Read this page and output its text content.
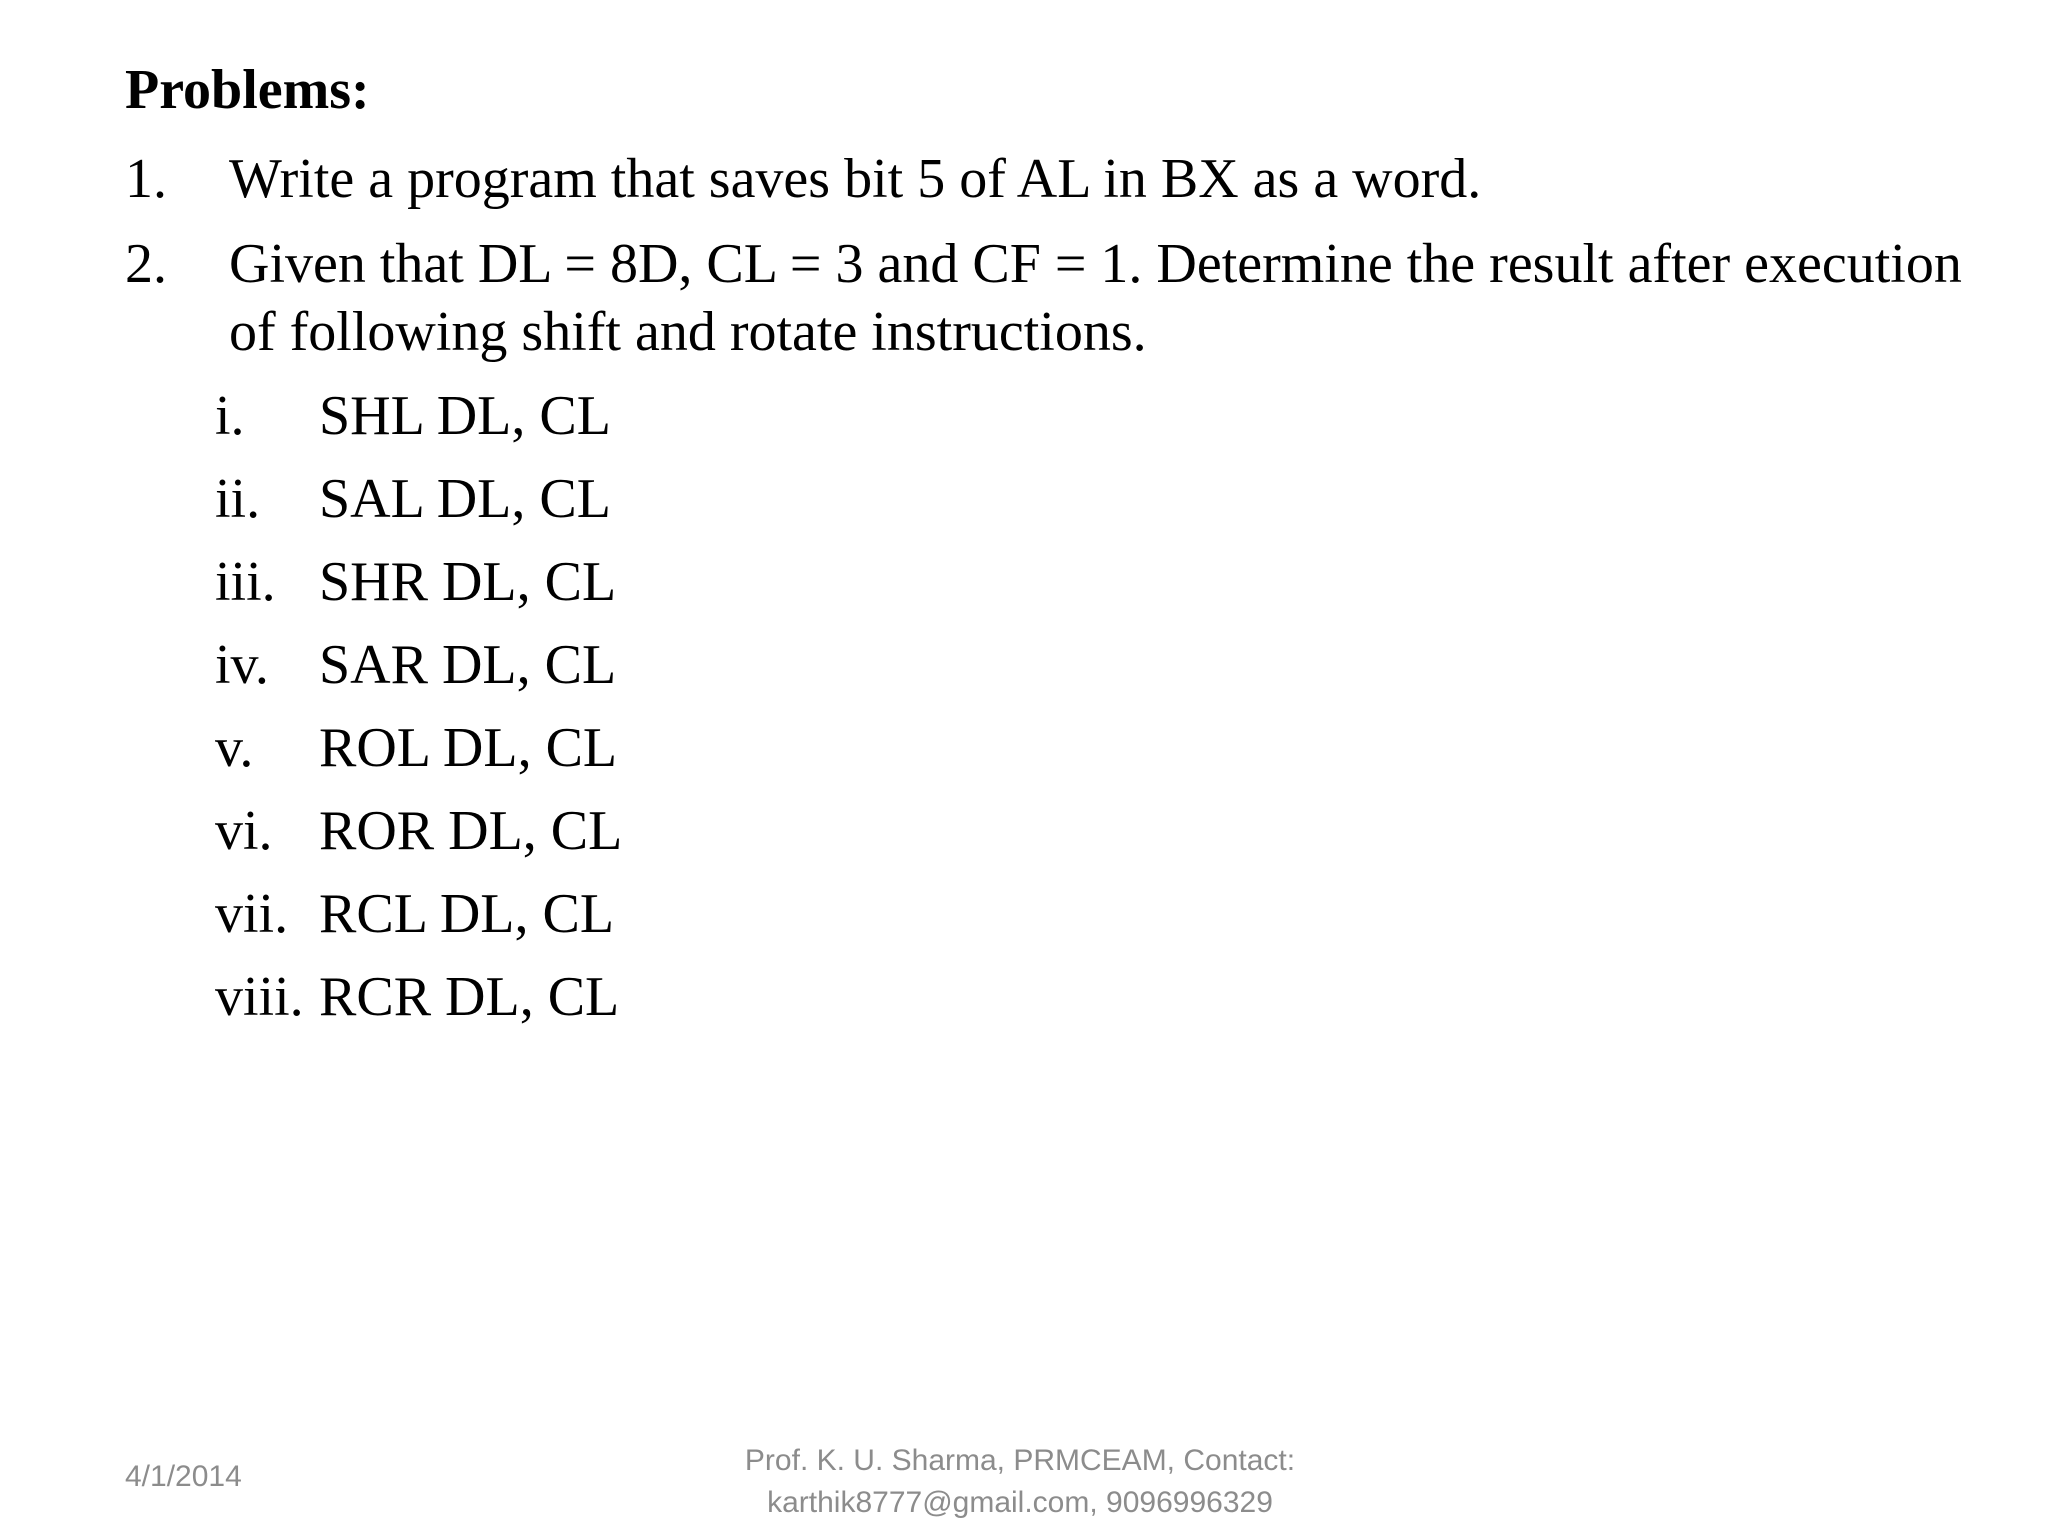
Problems:
1. Write a program that saves bit 5 of AL in BX as a word.
2. Given that DL = 8D, CL = 3 and CF = 1. Determine the result after execution of following shift and rotate instructions.
i. SHL DL, CL
ii. SAL DL, CL
iii. SHR DL, CL
iv. SAR DL, CL
v. ROL DL, CL
vi. ROR DL, CL
vii. RCL DL, CL
viii. RCR DL, CL
4/1/2014	Prof. K. U. Sharma, PRMCEAM, Contact:
karthik8777@gmail.com, 9096996329
